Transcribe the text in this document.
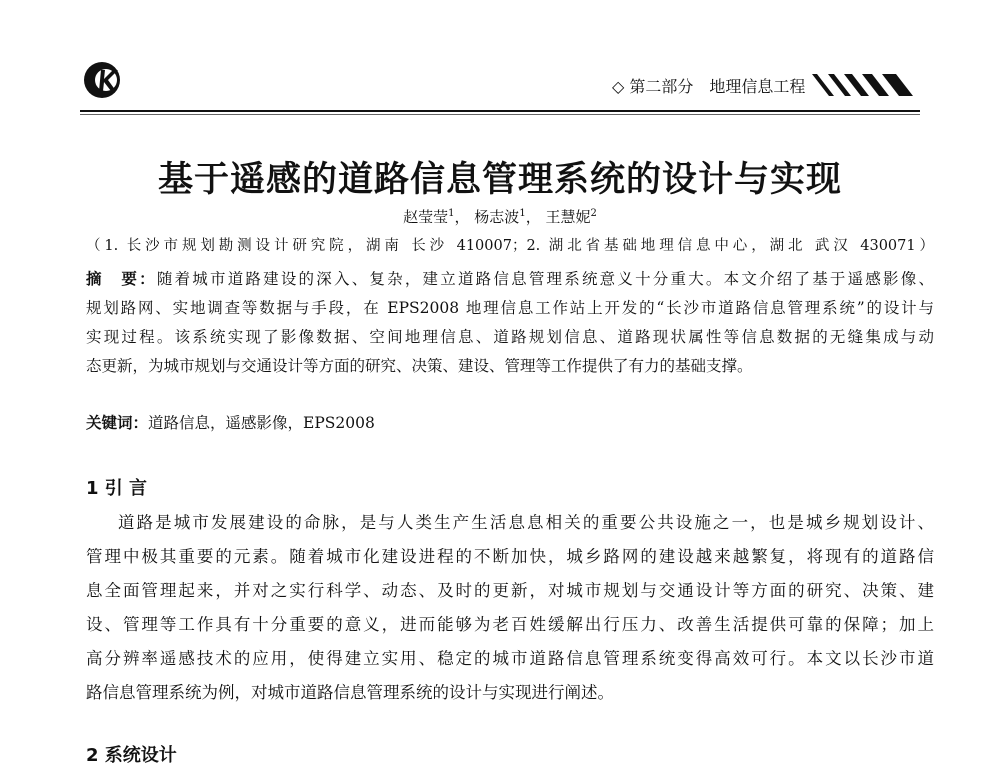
◇ 第二部分　地理信息工程
基于遥感的道路信息管理系统的设计与实现
赵莹莹$^1$， 杨志波$^1$， 王慧妮$^2$
（1. 长沙市规划勘测设计研究院，湖南 长沙 410007；2. 湖北省基础地理信息中心，湖北 武汉 430071）
摘　要：随着城市道路建设的深入、复杂，建立道路信息管理系统意义十分重大。本文介绍了基于遥感影像、
规划路网、实地调查等数据与手段，在 EPS2008 地理信息工作站上开发的“长沙市道路信息管理系统”的设计与
实现过程。该系统实现了影像数据、空间地理信息、道路规划信息、道路现状属性等信息数据的无缝集成与动
态更新，为城市规划与交通设计等方面的研究、决策、建设、管理等工作提供了有力的基础支撑。
关键词：道路信息，遥感影像，EPS2008
1 引 言
道路是城市发展建设的命脉，是与人类生产生活息息相关的重要公共设施之一，也是城乡规划设计、
管理中极其重要的元素。随着城市化建设进程的不断加快，城乡路网的建设越来越繁复，将现有的道路信
息全面管理起来，并对之实行科学、动态、及时的更新，对城市规划与交通设计等方面的研究、决策、建
设、管理等工作具有十分重要的意义，进而能够为老百姓缓解出行压力、改善生活提供可靠的保障；加上
高分辨率遥感技术的应用，使得建立实用、稳定的城市道路信息管理系统变得高效可行。本文以长沙市道
路信息管理系统为例，对城市道路信息管理系统的设计与实现进行阐述。
2 系统设计
